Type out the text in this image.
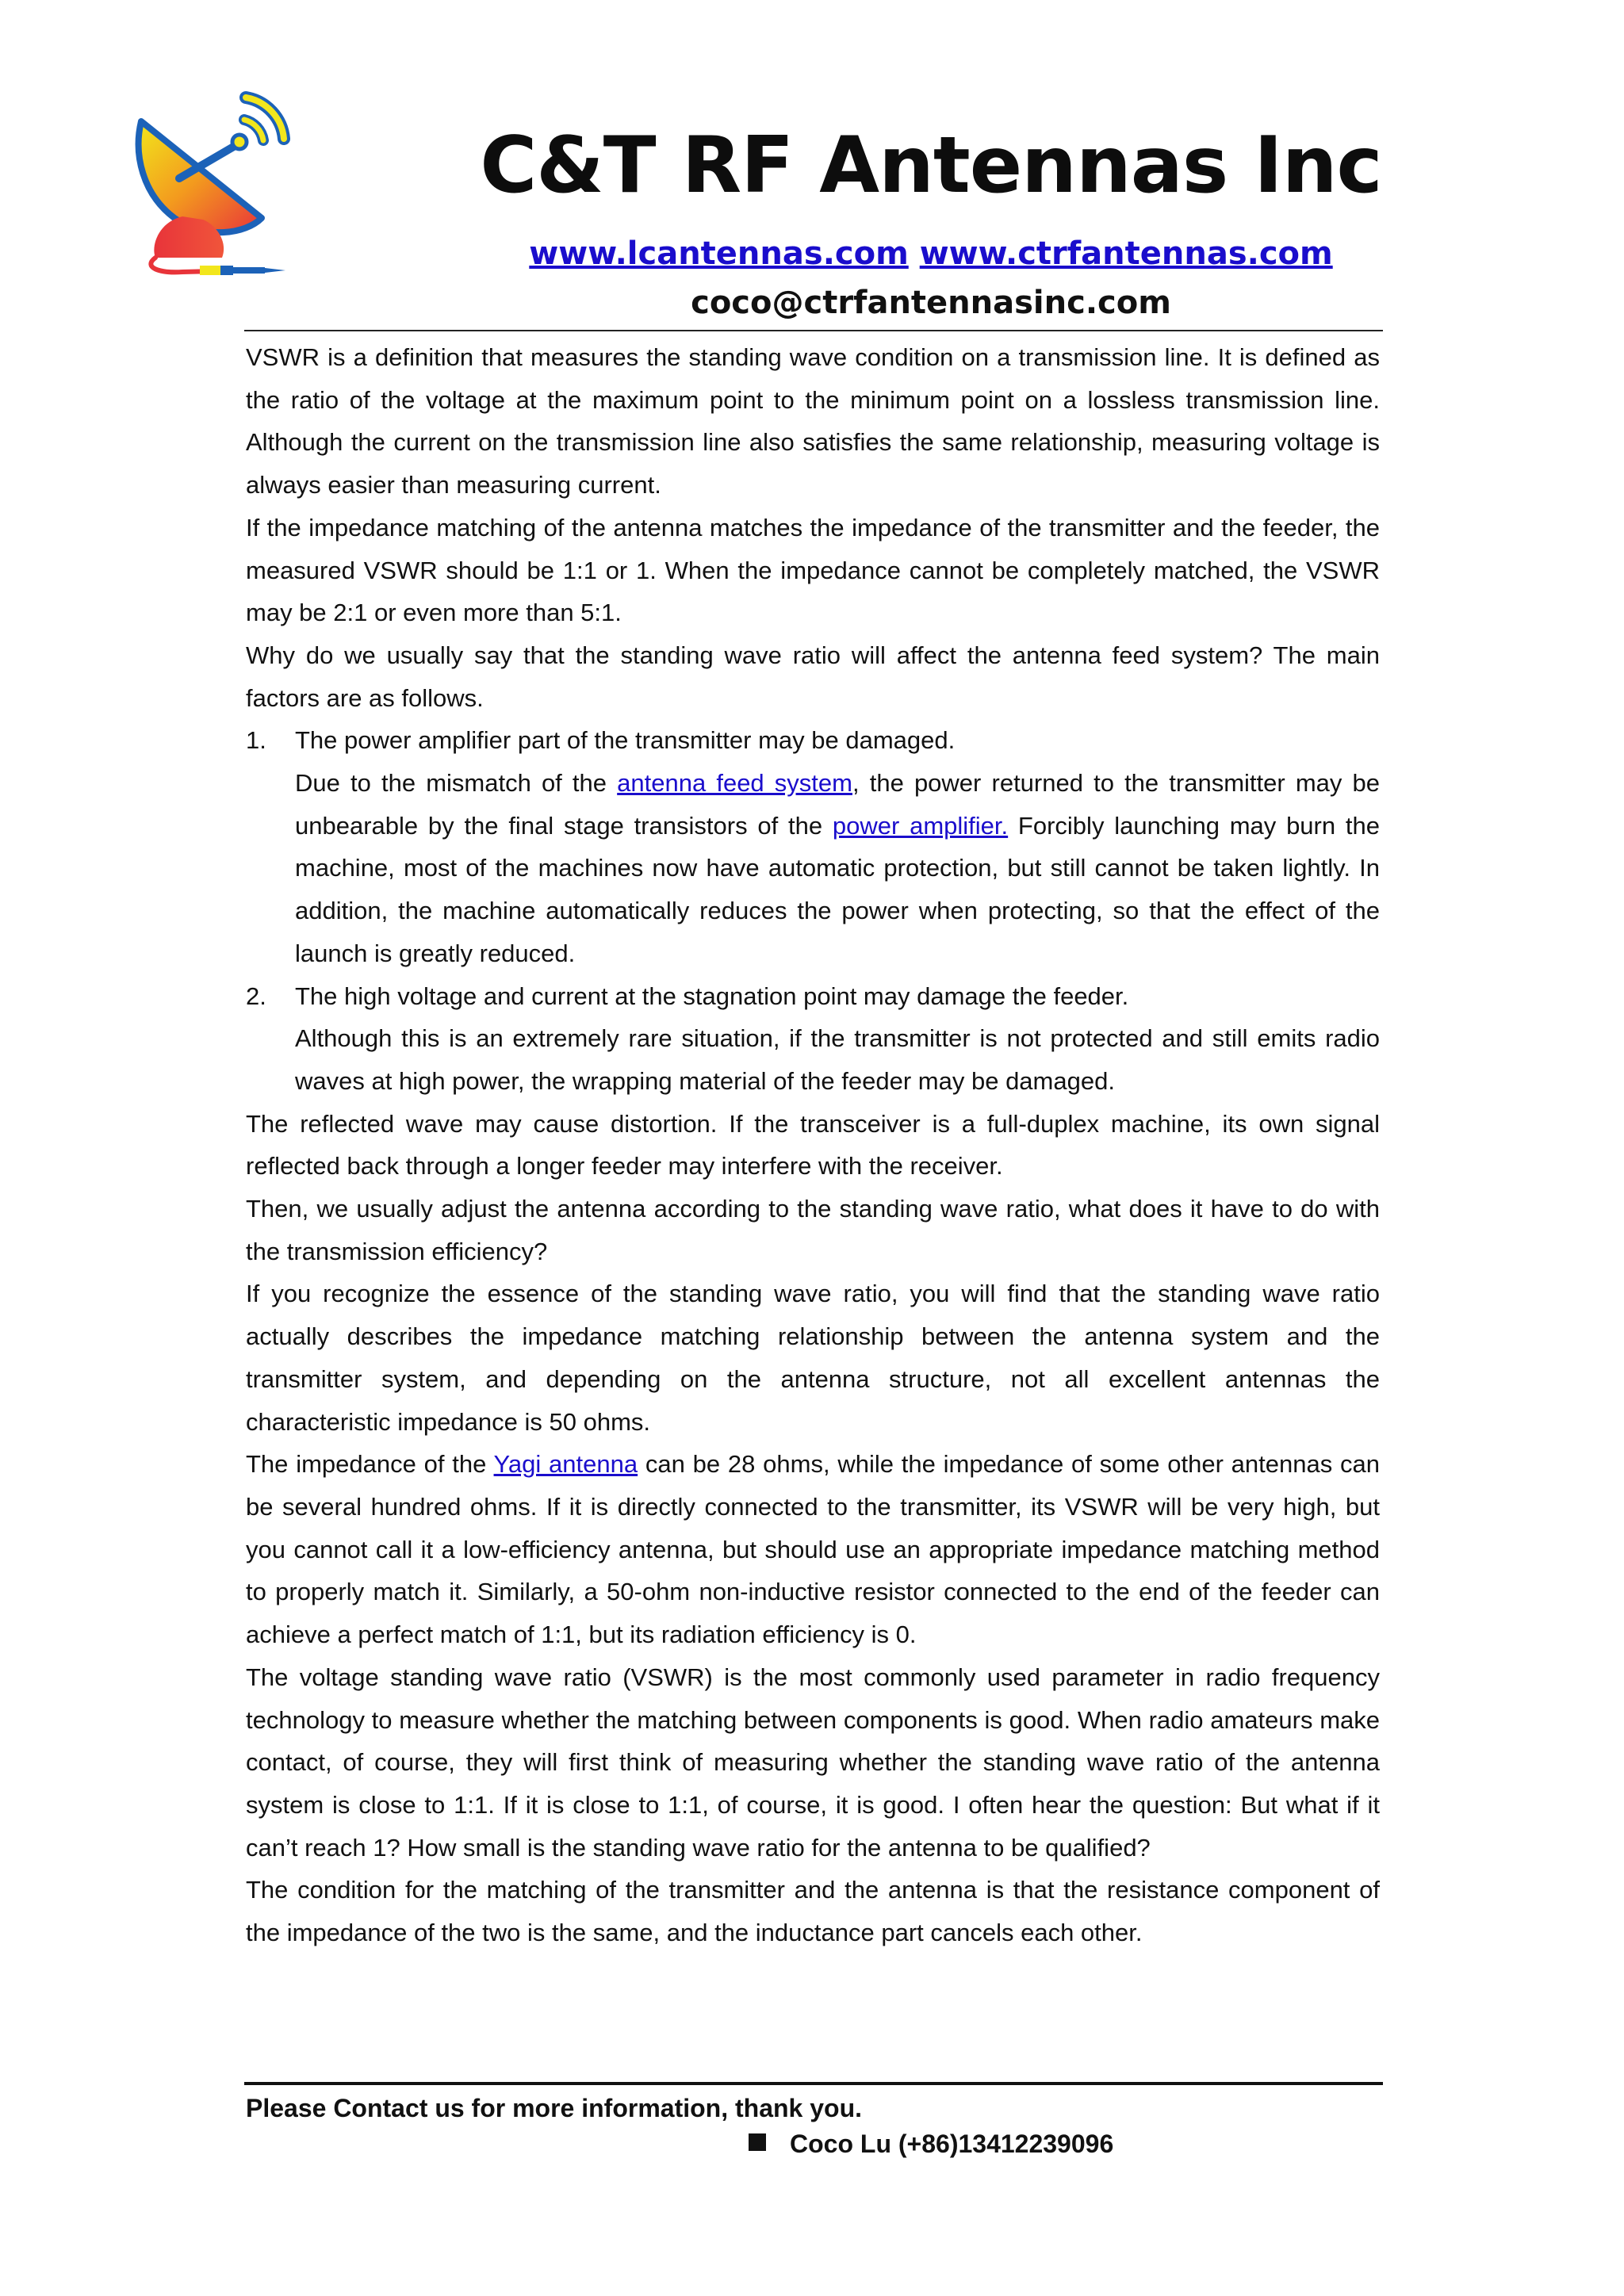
C&T RF Antennas Inc
www.lcantennas.com www.ctrfantennas.com
coco@ctrfantennasinc.com

VSWR is a definition that measures the standing wave condition on a transmission line. It is defined as the ratio of the voltage at the maximum point to the minimum point on a lossless transmission line. Although the current on the transmission line also satisfies the same relationship, measuring voltage is always easier than measuring current.

If the impedance matching of the antenna matches the impedance of the transmitter and the feeder, the measured VSWR should be 1:1 or 1. When the impedance cannot be completely matched, the VSWR may be 2:1 or even more than 5:1.

Why do we usually say that the standing wave ratio will affect the antenna feed system? The main factors are as follows.

1. The power amplifier part of the transmitter may be damaged.

Due to the mismatch of the antenna feed system, the power returned to the transmitter may be unbearable by the final stage transistors of the power amplifier. Forcibly launching may burn the machine, most of the machines now have automatic protection, but still cannot be taken lightly. In addition, the machine automatically reduces the power when protecting, so that the effect of the launch is greatly reduced.

2. The high voltage and current at the stagnation point may damage the feeder.

Although this is an extremely rare situation, if the transmitter is not protected and still emits radio waves at high power, the wrapping material of the feeder may be damaged.

The reflected wave may cause distortion. If the transceiver is a full-duplex machine, its own signal reflected back through a longer feeder may interfere with the receiver.

Then, we usually adjust the antenna according to the standing wave ratio, what does it have to do with the transmission efficiency?

If you recognize the essence of the standing wave ratio, you will find that the standing wave ratio actually describes the impedance matching relationship between the antenna system and the transmitter system, and depending on the antenna structure, not all excellent antennas the characteristic impedance is 50 ohms.

The impedance of the Yagi antenna can be 28 ohms, while the impedance of some other antennas can be several hundred ohms. If it is directly connected to the transmitter, its VSWR will be very high, but you cannot call it a low-efficiency antenna, but should use an appropriate impedance matching method to properly match it. Similarly, a 50-ohm non-inductive resistor connected to the end of the feeder can achieve a perfect match of 1:1, but its radiation efficiency is 0.

The voltage standing wave ratio (VSWR) is the most commonly used parameter in radio frequency technology to measure whether the matching between components is good. When radio amateurs make contact, of course, they will first think of measuring whether the standing wave ratio of the antenna system is close to 1:1. If it is close to 1:1, of course, it is good. I often hear the question: But what if it can’t reach 1? How small is the standing wave ratio for the antenna to be qualified?

The condition for the matching of the transmitter and the antenna is that the resistance component of the impedance of the two is the same, and the inductance part cancels each other.

Please Contact us for more information, thank you.
Coco Lu (+86)13412239096
